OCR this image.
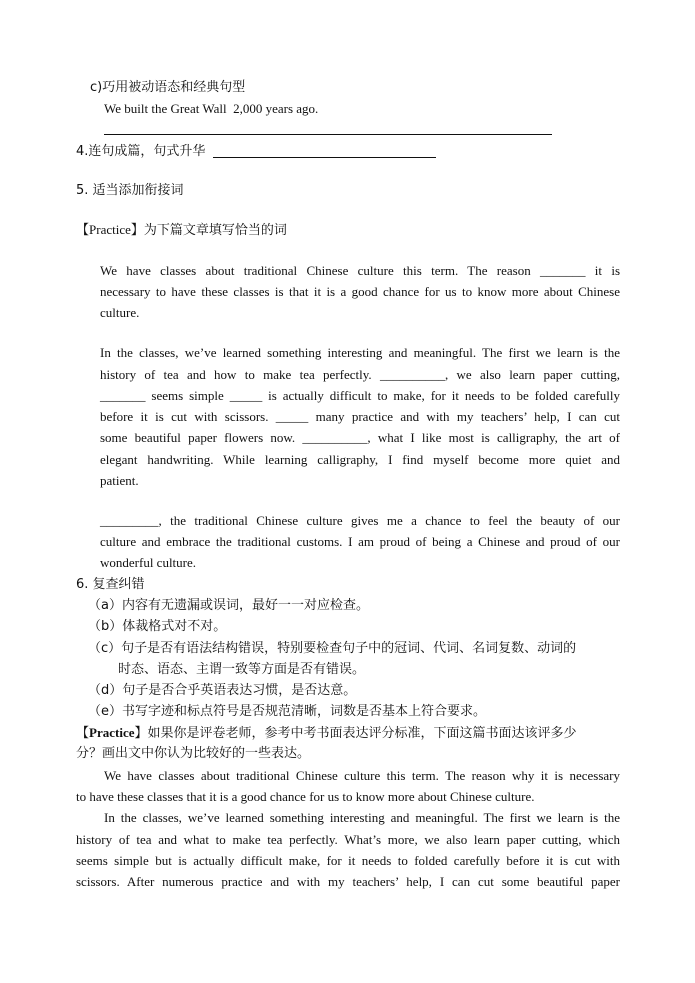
c)巧用被动语态和经典句型
We built the Great Wall  2,000 years ago.
4.连句成篇，句式升华
5. 适当添加衔接词
【Practice】为下篇文章填写恰当的词
We have classes about traditional Chinese culture this term. The reason _______ it is
necessary to have these classes is that it is a good chance for us to know more about Chinese
culture.
In the classes, we’ve learned something interesting and meaningful. The first we learn is the
history of tea and how to make tea perfectly. __________, we also learn paper cutting,
_______ seems simple _____ is actually difficult to make, for it needs to be folded carefully
before it is cut with scissors. _____ many practice and with my teachers’ help, I can cut
some beautiful paper flowers now. __________, what I like most is calligraphy, the art of
elegant handwriting. While learning calligraphy, I find myself become more quiet and
patient.
_________, the traditional Chinese culture gives me a chance to feel the beauty of our
culture and embrace the traditional customs. I am proud of being a Chinese and proud of our
wonderful culture.
6. 复查纠错
（a）内容有无遗漏或误词，最好一一对应检查。
（b）体裁格式对不对。
（c）句子是否有语法结构错误，特别要检查句子中的冠词、代词、名词复数、动词的
时态、语态、主谓一致等方面是否有错误。
（d）句子是否合乎英语表达习惯，是否达意。
（e）书写字迹和标点符号是否规范清晰，词数是否基本上符合要求。
【Practice】如果你是评卷老师，参考中考书面表达评分标准，下面这篇书面达该评多少
分？画出文中你认为比较好的一些表达。
We have classes about traditional Chinese culture this term. The reason why it is necessary
to have these classes that it is a good chance for us to know more about Chinese culture.
In the classes, we’ve learned something interesting and meaningful. The first we learn is the
history of tea and what to make tea perfectly. What’s more, we also learn paper cutting, which
seems simple but is actually difficult make, for it needs to folded carefully before it is cut with
scissors. After numerous practice and with my teachers’ help, I can cut some beautiful paper
